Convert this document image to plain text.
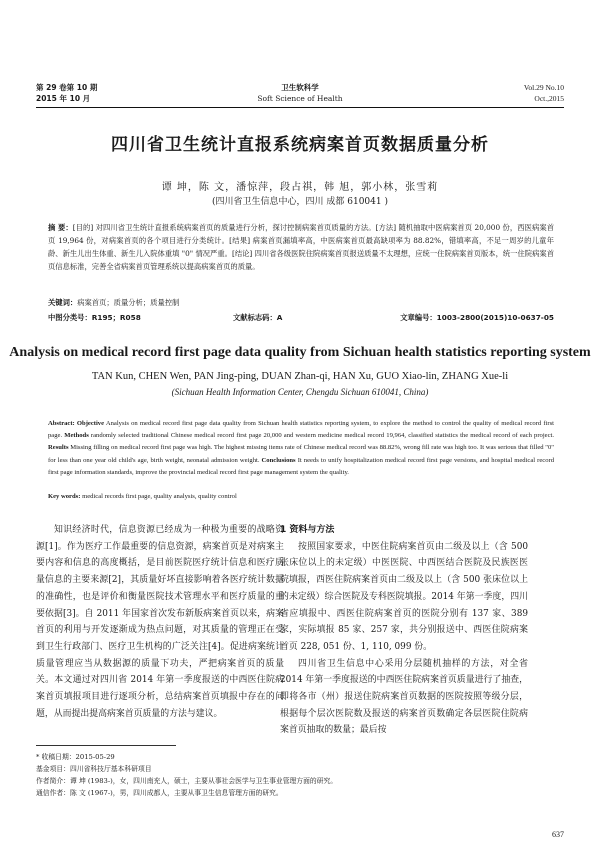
第 29 卷第 10 期
2015 年 10 月
卫生软科学
Soft Science of Health
Vol.29 No.10
Oct.,2015
四川省卫生统计直报系统病案首页数据质量分析
谭 坤，陈 文，潘惊萍，段占祺，韩 旭，郭小林，张雪莉
(四川省卫生信息中心，四川 成都 610041 )
摘 要：[目的] 对四川省卫生统计直报系统病案首页的质量进行分析，探讨控制病案首页质量的方法。[方法] 随机抽取中医病案首页 20,000 份，西医病案首页 19,964 份，对病案首页的各个项目进行分类统计。[结果] 病案首页漏填率高，中医病案首页最高缺项率为 88.82%，错填率高，不足一周岁的儿童年龄、新生儿出生体重、新生儿入院体重填 "0" 情况严重。[结论] 四川省各级医院住院病案首页报送质量不太理想，应统一住院病案首页版本，统一住院病案首页信息标准，完善全省病案首页管理系统以提高病案首页的质量。
关键词：病案首页；质量分析；质量控制
中图分类号：R195；R058	文献标志码：A	文章编号：1003-2800(2015)10-0637-05
Analysis on medical record first page data quality from Sichuan health statistics reporting system
TAN Kun, CHEN Wen, PAN Jing-ping, DUAN Zhan-qi, HAN Xu, GUO Xiao-lin, ZHANG Xue-li
(Sichuan Health Information Center, Chengdu Sichuan 610041, China)
Abstract: Objective Analysis on medical record first page data quality from Sichuan health statistics reporting system, to explore the method to control the quality of medical record first page. Methods randomly selected traditional Chinese medical record first page 20,000 and western medicine medical record 19,964, classified statistics the medical record of each project. Results Missing filling on medical record first page was high. The highest missing items rate of Chinese medical record was 88.82%, wrong fill rate was high too. It was serious that filled "0" for less than one year old child's age, birth weight, neonatal admission weight. Conclusions It needs to unify hospitalization medical record first page versions, and hospital medical record first page information standards, improve the provincial medical record first page management system the quality.
Key words: medical records first page, quality analysis, quality control

知识经济时代，信息资源已经成为一种极为重要的战略资源[1]。作为医疗工作最重要的信息资源，病案首页是对病案主要内容和信息的高度概括，是目前医院医疗统计信息和医疗质量信息的主要来源[2]，其质量好坏直接影响着各医疗统计数据的准确性，也是评价和衡量医院技术管理水平和医疗质量的重要依据[3]。自 2011 年国家首次发布新版病案首页以来，病案首页的利用与开发逐渐成为热点问题，对其质量的管理正在受到卫生行政部门、医疗卫生机构的广泛关注[4]。促进病案统计质量管理应当从数据源的质量下功夫，严把病案首页的质量关。本文通过对四川省 2014 年第一季度报送的中西医住院病案首页填报项目进行逐项分析，总结病案首页填报中存在的问题，从而提出提高病案首页质量的方法与建议。

1 资料与方法

按照国家要求，中医住院病案首页由二级及以上（含 500 张床位以上的未定级）中医医院、中西医结合医院及民族医医院填报，西医住院病案首页由二级及以上（含 500 张床位以上的未定级）综合医院及专科医院填报。2014 年第一季度，四川省应填报中、西医住院病案首页的医院分别有 137 家、389 家，实际填报 85 家、257 家，共分别报送中、西医住院病案首页 228, 051 份、1, 110, 099 份。

四川省卫生信息中心采用分层随机抽样的方法，对全省 2014 年第一季度报送的中西医住院病案首页质量进行了抽查，即将各市（州）报送住院病案首页数据的医院按照等级分层，根据每个层次医院数及报送的病案首页数确定各层医院住院病案首页抽取的数量；最后按

* 收稿日期：2015-05-29
基金项目：四川省科技厅基本科研项目
作者简介：谭 坤 (1983-)，女，四川南充人，硕士，主要从事社会医学与卫生事业管理方面的研究。
通信作者：陈 文 (1967-)，男，四川成都人，主要从事卫生信息管理方面的研究。
637
